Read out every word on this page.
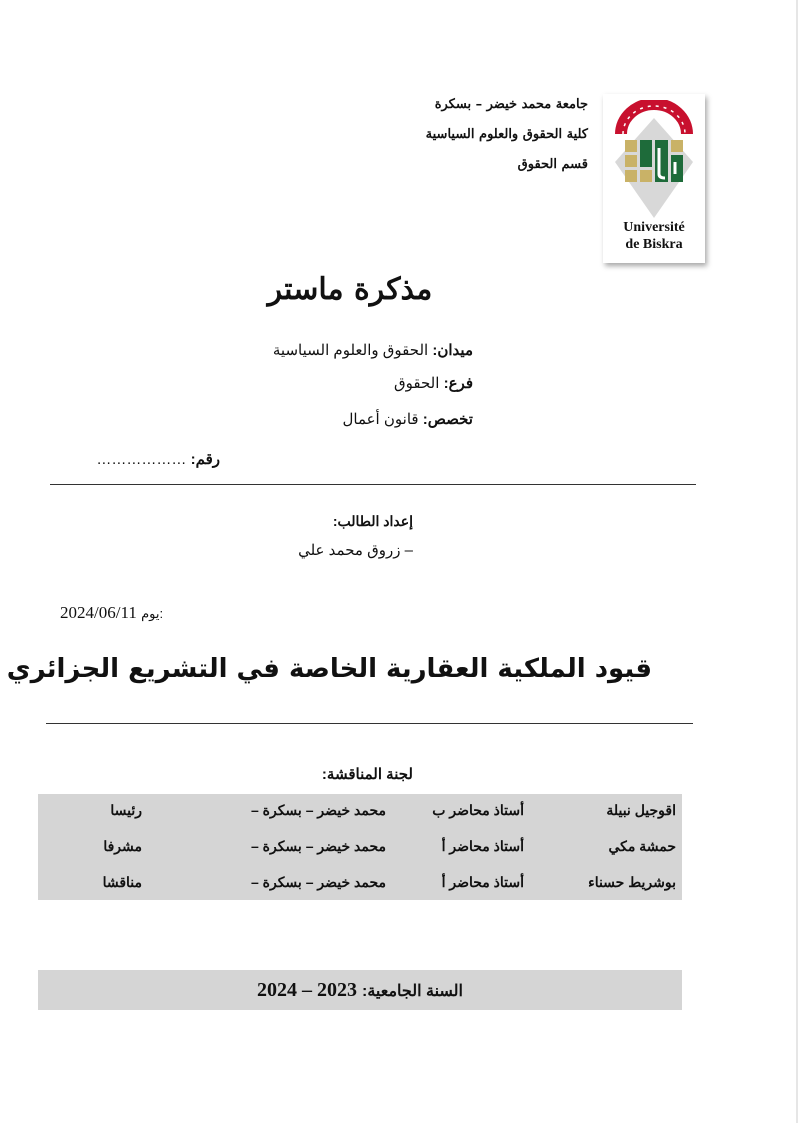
جامعة محمد خيضر – بسكرة
كلية الحقوق والعلوم السياسية
قسم الحقوق
Université
de Biskra
مذكرة ماستر
ميدان: الحقوق والعلوم السياسية
فرع: الحقوق
تخصص: قانون أعمال
رقم: ………………
إعداد الطالب:
– زروق محمد علي
2024/06/11 يوم:
قيود الملكية العقارية الخاصة في التشريع الجزائري
لجنة المناقشة:
اقوجيل نبيلة
أستاذ محاضر ب
محمد خيضر – بسكرة –
رئيسا
حمشة مكي
أستاذ محاضر أ
محمد خيضر – بسكرة –
مشرفا
بوشريط حسناء
أستاذ محاضر أ
محمد خيضر – بسكرة –
مناقشا
السنة الجامعية: 2023 – 2024
